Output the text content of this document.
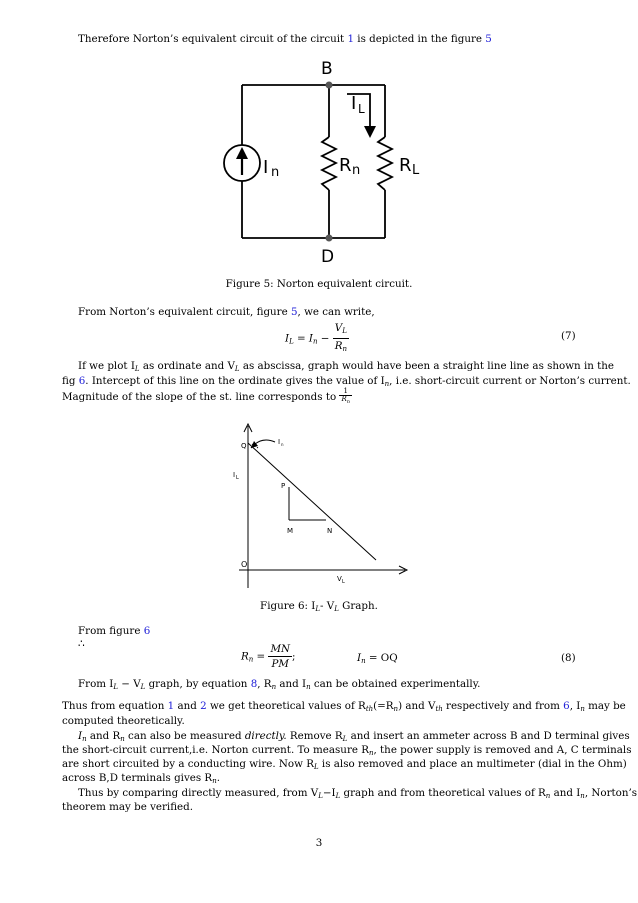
Therefore Norton’s equivalent circuit of the circuit 1 is depicted in the figure 5
B
D
I n	R n R L
I L
Figure 5: Norton equivalent circuit.
From Norton’s equivalent circuit, figure 5, we can write,
$I_L = I_n - \frac{V_L}{R_n}$	(7)
If we plot $I_L$ as ordinate and $V_L$ as abscissa, graph would have been a straight line line as shown in the
fig 6. Intercept of this line on the ordinate gives the value of $I_n$, i.e. short-circuit current or Norton’s current.
Magnitude of the slope of the st. line corresponds to $\frac{1}{R_n}$
Q	I n
I L
P
M	N
O
V L
Figure 6: $I_L-$ $V_L$ Graph.
From figure 6
∴
$R_n = \frac{MN}{PM}$ ;	$I_n$ = OQ	(8)
From $I_L - V_L$ graph, by equation 8, $R_n$ and $I_n$ can be obtained experimentally.
Thus from equation 1 and 2 we get theoretical values of $R_{th}(=R_n)$ and $V_{th}$ respectively and from 6, $I_n$ may be
computed theoretically.
$I_n$ and $R_n$ can also be measured directly. Remove $R_L$ and insert an ammeter across B and D terminal gives
the short-circuit current,i.e. Norton current. To measure $R_n$, the power supply is removed and A, C terminals
are short circuited by a conducting wire. Now $R_L$ is also removed and place an multimeter (dial in the Ohm)
across B,D terminals gives $R_n$.
Thus by comparing directly measured, from $V_L-I_L$ graph and from theoretical values of $R_n$ and $I_n$, Norton’s
theorem may be verified.
3
